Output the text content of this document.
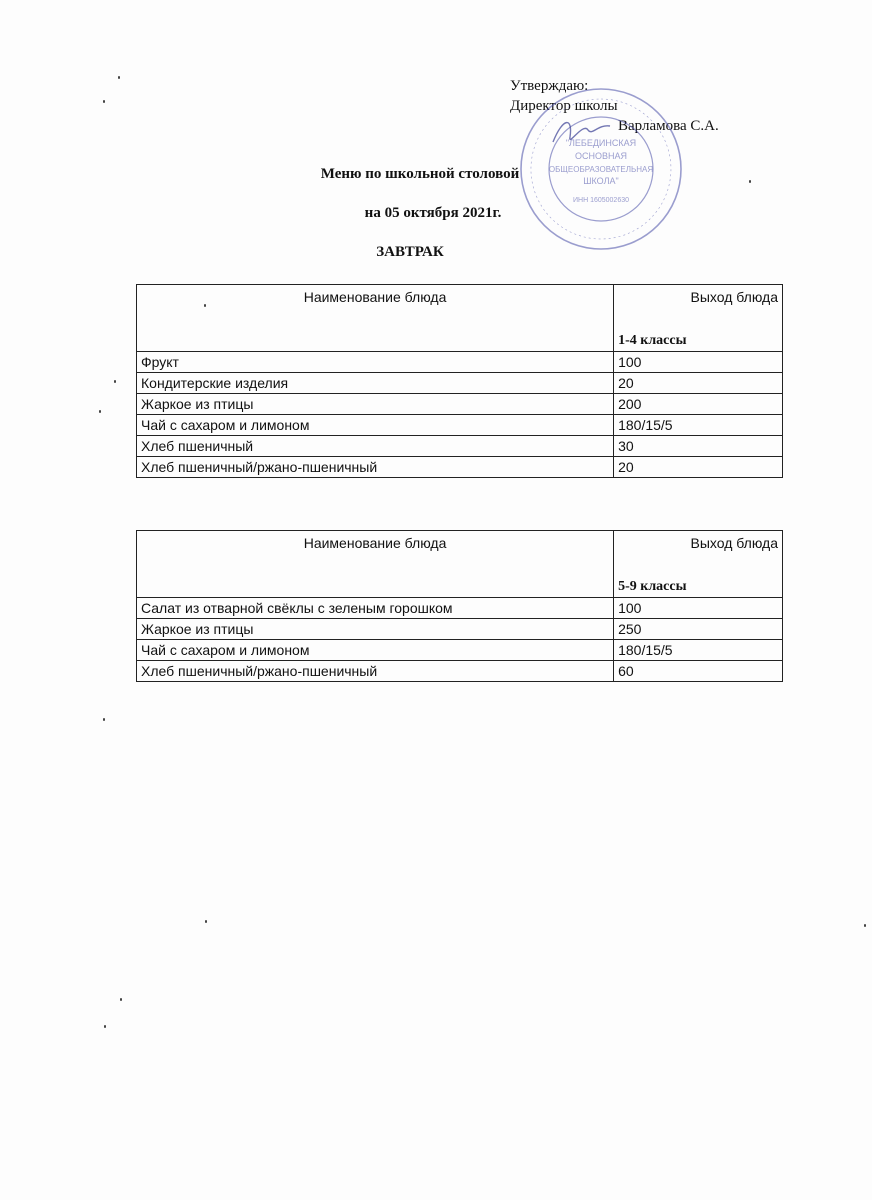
Утверждаю:
Директор школы
Варламова С.А.
"ЛЕБЕДИНСКАЯ
ОСНОВНАЯ
ОБЩЕОБРАЗОВАТЕЛЬНАЯ
ШКОЛА"
ИНН 1605002630
Меню по школьной столовой
на 05 октября 2021г.
ЗАВТРАК
Наименование блюда	Выход блюда
	1-4 классы
Фрукт	100
Кондитерские изделия	20
Жаркое из птицы	200
Чай с сахаром и лимоном	180/15/5
Хлеб пшеничный	30
Хлеб пшеничный/ржано-пшеничный	20
Наименование блюда	Выход блюда
	5-9 классы
Салат из отварной свёклы с зеленым горошком	100
Жаркое из птицы	250
Чай с сахаром и лимоном	180/15/5
Хлеб пшеничный/ржано-пшеничный	60
